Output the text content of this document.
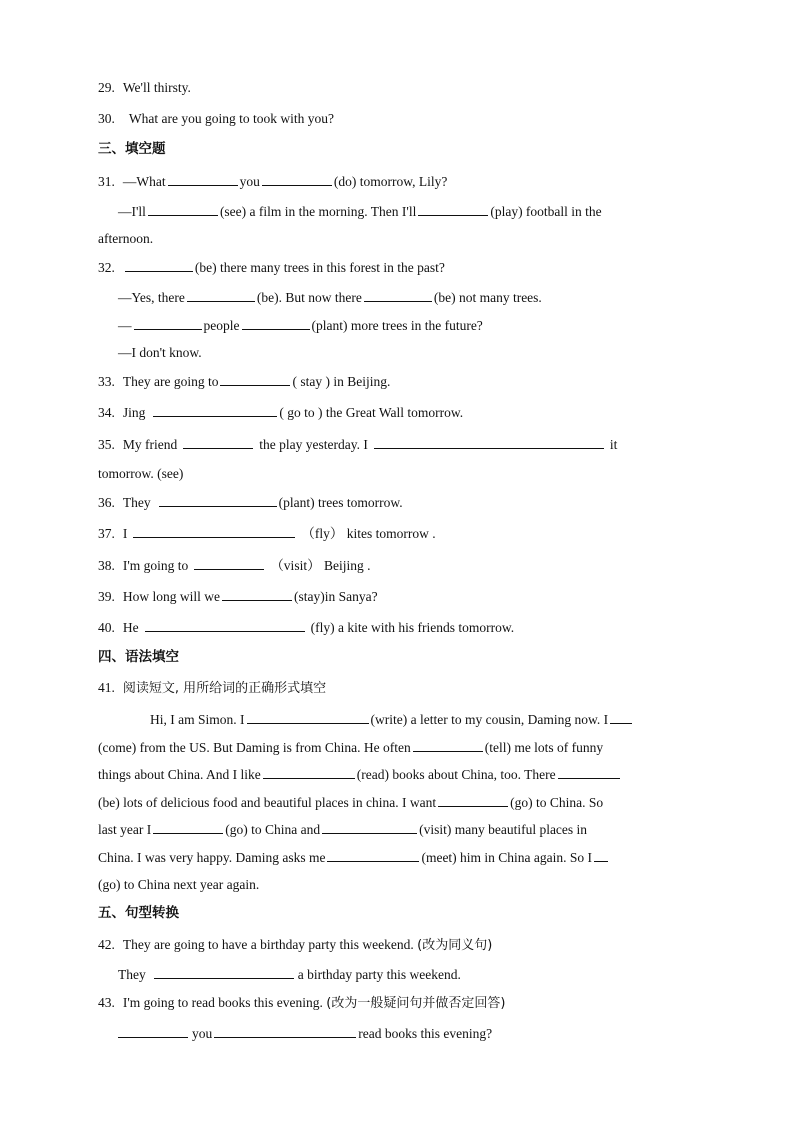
29. We'll thirsty.
30. What are you going to took with you?
三、填空题
31. —What	you	(do) tomorrow, Lily?
—I'll	(see) a film in the morning. Then I'll	(play) football in the
afternoon.
32.	(be) there many trees in this forest in the past?
—Yes, there	(be). But now there	(be) not many trees.
—	people	(plant) more trees in the future?
—I don't know.
33. They are going to	( stay ) in Beijing.
34. Jing	( go to ) the Great Wall tomorrow.
35. My friend	the play yesterday. I	it
tomorrow. (see)
36. They	(plant) trees tomorrow.
37. I	（fly） kites tomorrow .
38. I'm going to	（visit） Beijing .
39. How long will we	(stay)in Sanya?
40. He	(fly) a kite with his friends tomorrow.
四、语法填空
41. 阅读短文, 用所给词的正确形式填空
Hi, I am Simon. I	(write) a letter to my cousin, Daming now. I
(come) from the US. But Daming is from China. He often	(tell) me lots of funny
things about China. And I like	(read) books about China, too. There
(be) lots of delicious food and beautiful places in china. I want	(go) to China. So
last year I	(go) to China and	(visit) many beautiful places in
China. I was very happy. Daming asks me	(meet) him in China again. So I
(go) to China next year again.
五、句型转换
42. They are going to have a birthday party this weekend. (改为同义句)
They	a birthday party this weekend.
43. I'm going to read books this evening. (改为一般疑问句并做否定回答)
you	read books this evening?
